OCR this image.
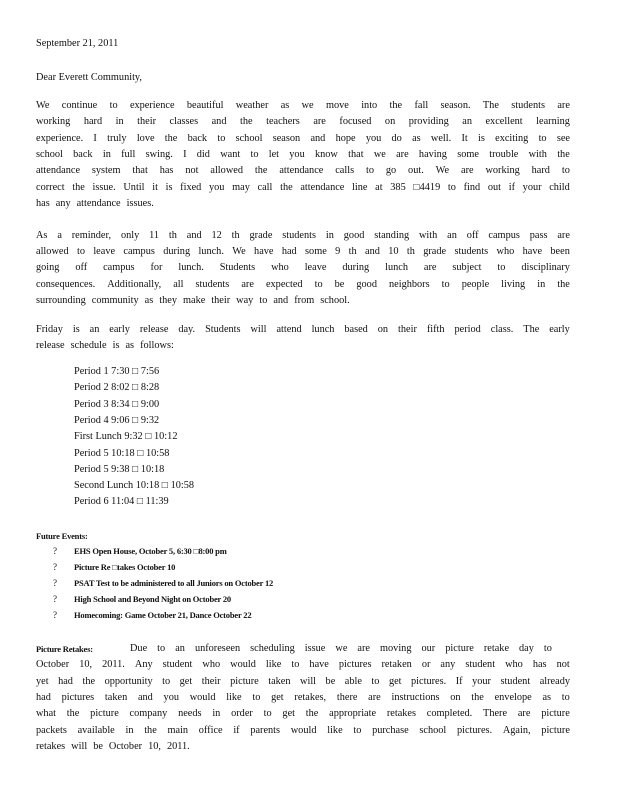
September 21, 2011
Dear Everett Community,
We continue to experience beautiful weather as we move into the fall season. The students are
working hard in their classes and the teachers are focused on providing an excellent learning
experience. I truly love the back to school season and hope you do as well. It is exciting to see
school back in full swing. I did want to let you know that we are having some trouble with the
attendance system that has not allowed the attendance calls to go out. We are working hard to
correct the issue. Until it is fixed you may call the attendance line at 385 □4419 to find out if your child
has any attendance issues.
As a reminder, only 11 th and 12 th grade students in good standing with an off campus pass are
allowed to leave campus during lunch. We have had some 9 th and 10 th grade students who have been
going off campus for lunch. Students who leave during lunch are subject to disciplinary
consequences. Additionally, all students are expected to be good neighbors to people living in the
surrounding community as they make their way to and from school.
Friday is an early release day. Students will attend lunch based on their fifth period class. The early
release schedule is as follows:
Period 1 7:30 □ 7:56
Period 2 8:02 □ 8:28
Period 3 8:34 □ 9:00
Period 4 9:06 □ 9:32
First Lunch 9:32 □ 10:12
Period 5 10:18 □ 10:58
Period 5 9:38 □ 10:18
Second Lunch 10:18 □ 10:58
Period 6 11:04 □ 11:39
Future Events:
? EHS Open House, October 5, 6:30 □8:00 pm
? Picture Re □takes October 10
? PSAT Test to be administered to all Juniors on October 12
? High School and Beyond Night on October 20
? Homecoming: Game October 21, Dance October 22
Picture Retakes:	Due to an unforeseen scheduling issue we are moving our picture retake day to
October 10, 2011. Any student who would like to have pictures retaken or any student who has not
yet had the opportunity to get their picture taken will be able to get pictures. If your student already
had pictures taken and you would like to get retakes, there are instructions on the envelope as to
what the picture company needs in order to get the appropriate retakes completed. There are picture
packets available in the main office if parents would like to purchase school pictures. Again, picture
retakes will be October 10, 2011.
